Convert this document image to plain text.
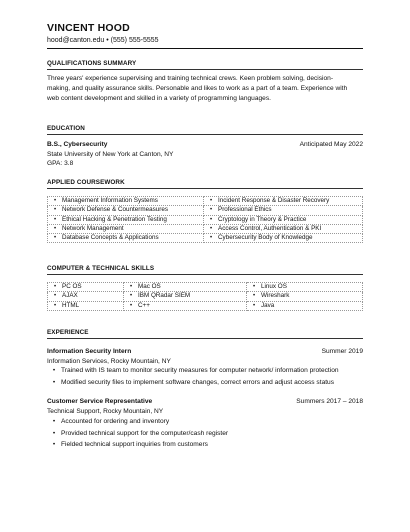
VINCENT HOOD
hood@canton.edu • (555) 555-5555
QUALIFICATIONS SUMMARY
Three years' experience supervising and training technical crews. Keen problem solving, decision-
making, and quality assurance skills. Personable and likes to work as a part of a team. Experience with
web content development and skilled in a variety of programming languages.
EDUCATION
B.S., Cybersecurity	Anticipated May 2022
State University of New York at Canton, NY
GPA: 3.8
APPLIED COURSEWORK
• Management Information Systems	• Incident Response & Disaster Recovery
• Network Defense & Countermeasures	• Professional Ethics
• Ethical Hacking & Penetration Testing	• Cryptology in Theory & Practice
• Network Management	• Access Control, Authentication & PKI
• Database Concepts & Applications	• Cybersecurity Body of Knowledge
COMPUTER & TECHNICAL SKILLS
• PC OS	• Mac OS	• Linux OS
• AJAX	• IBM QRadar SIEM	• Wireshark
• HTML	• C++	• Java
EXPERIENCE
Information Security Intern	Summer 2019
Information Services, Rocky Mountain, NY
• Trained with IS team to monitor security measures for computer network/ information protection
• Modified security files to implement software changes, correct errors and adjust access status
Customer Service Representative	Summers 2017 – 2018
Technical Support, Rocky Mountain, NY
• Accounted for ordering and inventory
• Provided technical support for the computer/cash register
• Fielded technical support inquiries from customers
